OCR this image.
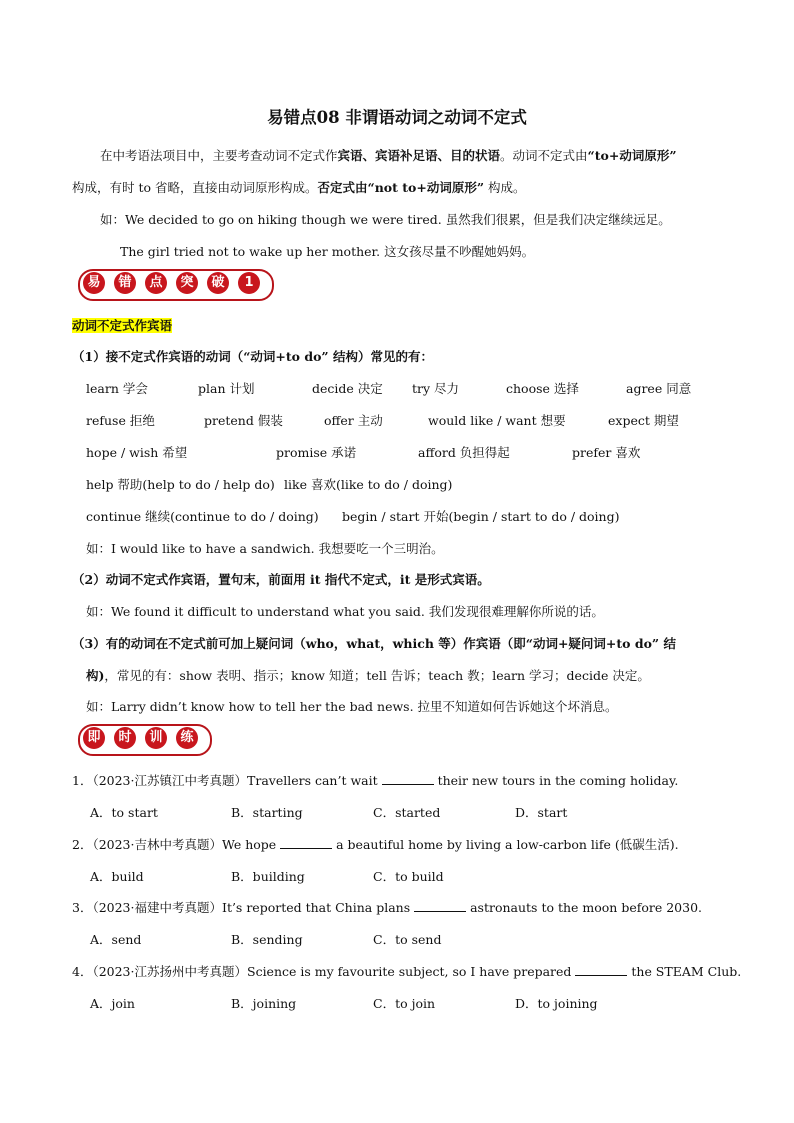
易错点08 非谓语动词之动词不定式
在中考语法项目中，主要考查动词不定式作宾语、宾语补足语、目的状语。动词不定式由“to+动词原形”
构成，有时 to 省略，直接由动词原形构成。否定式由“not to+动词原形” 构成。
如：We decided to go on hiking though we were tired. 虽然我们很累，但是我们决定继续远足。
The girl tried not to wake up her mother. 这女孩尽量不吵醒她妈妈。
易	错	点	突	破	1
动词不定式作宾语
（1）接不定式作宾语的动词（“动词+to do” 结构）常见的有：
learn 学会	plan 计划	decide 决定 try 尽力	choose 选择	agree 同意
refuse 拒绝	pretend 假装	offer 主动	would like / want 想要	expect 期望
hope / wish 希望	promise 承诺	afford 负担得起	prefer 喜欢
help 帮助(help to do / help do) like 喜欢(like to do / doing)
continue 继续(continue to do / doing) begin / start 开始(begin / start to do / doing)
如：I would like to have a sandwich. 我想要吃一个三明治。
（2）动词不定式作宾语，置句末，前面用 it 指代不定式，it 是形式宾语。
如：We found it difficult to understand what you said. 我们发现很难理解你所说的话。
（3）有的动词在不定式前可加上疑问词（who，what，which 等）作宾语（即“动词+疑问词+to do” 结
构)，常见的有：show 表明、指示；know 知道；tell 告诉；teach 教；learn 学习；decide 决定。
如：Larry didn’t know how to tell her the bad news. 拉里不知道如何告诉她这个坏消息。
即	时	训	练
1．（2023·江苏镇江中考真题）Travellers can’t wait	their new tours in the coming holiday.
A．to start	B．starting	C．started	D．start
2．（2023·吉林中考真题）We hope	a beautiful home by living a low-carbon life (低碳生活).
A．build	B．building	C．to build
3．（2023·福建中考真题）It’s reported that China plans	astronauts to the moon before 2030.
A．send	B．sending	C．to send
4．（2023·江苏扬州中考真题）Science is my favourite subject, so I have prepared	the STEAM Club.
A．join	B．joining	C．to join	D．to joining
